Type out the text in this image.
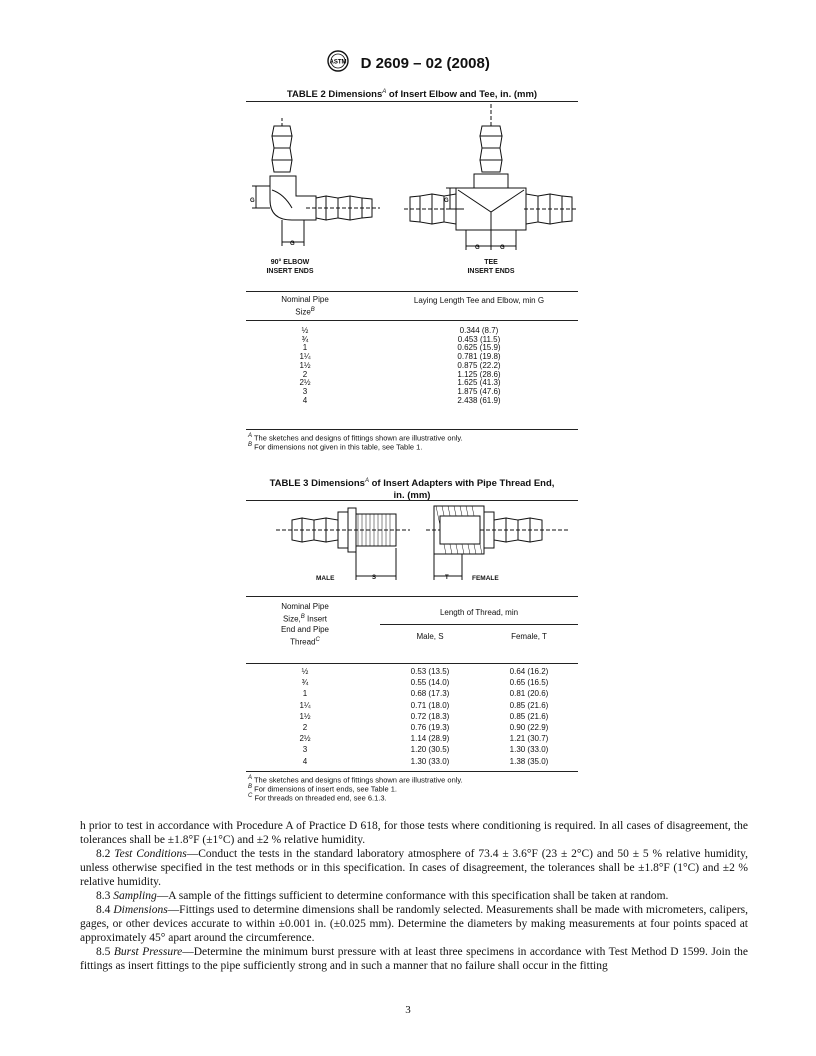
ASTM D 2609 – 02 (2008)
TABLE 2 Dimensions$^A$ of Insert Elbow and Tee, in. (mm)
G
G
90° ELBOW
INSERT ENDS
G
G	G
TEE
INSERT ENDS
Nominal Pipe
Size$^B$
Laying Length Tee and Elbow, min G
½	0.344 (8.7)
¾	0.453 (11.5)
1	0.625 (15.9)
1¼	0.781 (19.8)
1½	0.875 (22.2)
2	1.125 (28.6)
2½	1.625 (41.3)
3	1.875 (47.6)
4	2.438 (61.9)
$^A$ The sketches and designs of fittings shown are illustrative only.
$^B$ For dimensions not given in this table, see Table 1.
TABLE 3 Dimensions$^A$ of Insert Adapters with Pipe Thread End,
in. (mm)
S
MALE	T	FEMALE
Nominal Pipe
Size,$^B$ Insert
End and Pipe
Thread$^C$
Length of Thread, min
Male, S	Female, T
½	0.53 (13.5)	0.64 (16.2)
¾	0.55 (14.0)	0.65 (16.5)
1	0.68 (17.3)	0.81 (20.6)
1¼	0.71 (18.0)	0.85 (21.6)
1½	0.72 (18.3)	0.85 (21.6)
2	0.76 (19.3)	0.90 (22.9)
2½	1.14 (28.9)	1.21 (30.7)
3	1.20 (30.5)	1.30 (33.0)
4	1.30 (33.0)	1.38 (35.0)
$^A$ The sketches and designs of fittings shown are illustrative only.
$^B$ For dimensions of insert ends, see Table 1.
$^C$ For threads on threaded end, see 6.1.3.

h prior to test in accordance with Procedure A of Practice D 618, for those tests where conditioning is required. In all cases of disagreement, the tolerances shall be ±1.8°F (±1°C) and ±2 % relative humidity.

8.2 Test Conditions—Conduct the tests in the standard laboratory atmosphere of 73.4 ± 3.6°F (23 ± 2°C) and 50 ± 5 % relative humidity, unless otherwise specified in the test methods or in this specification. In cases of disagreement, the tolerances shall be ±1.8°F (1°C) and ±2 % relative humidity.

8.3 Sampling—A sample of the fittings sufficient to determine conformance with this specification shall be taken at random.

8.4 Dimensions—Fittings used to determine dimensions shall be randomly selected. Measurements shall be made with micrometers, calipers, gages, or other devices accurate to within ±0.001 in. (±0.025 mm). Determine the diameters by making measurements at four points spaced at approximately 45° apart around the circumference.

8.5 Burst Pressure—Determine the minimum burst pressure with at least three specimens in accordance with Test Method D 1599. Join the fittings as insert fittings to the pipe sufficiently strong and in such a manner that no failure shall occur in the fitting

3
